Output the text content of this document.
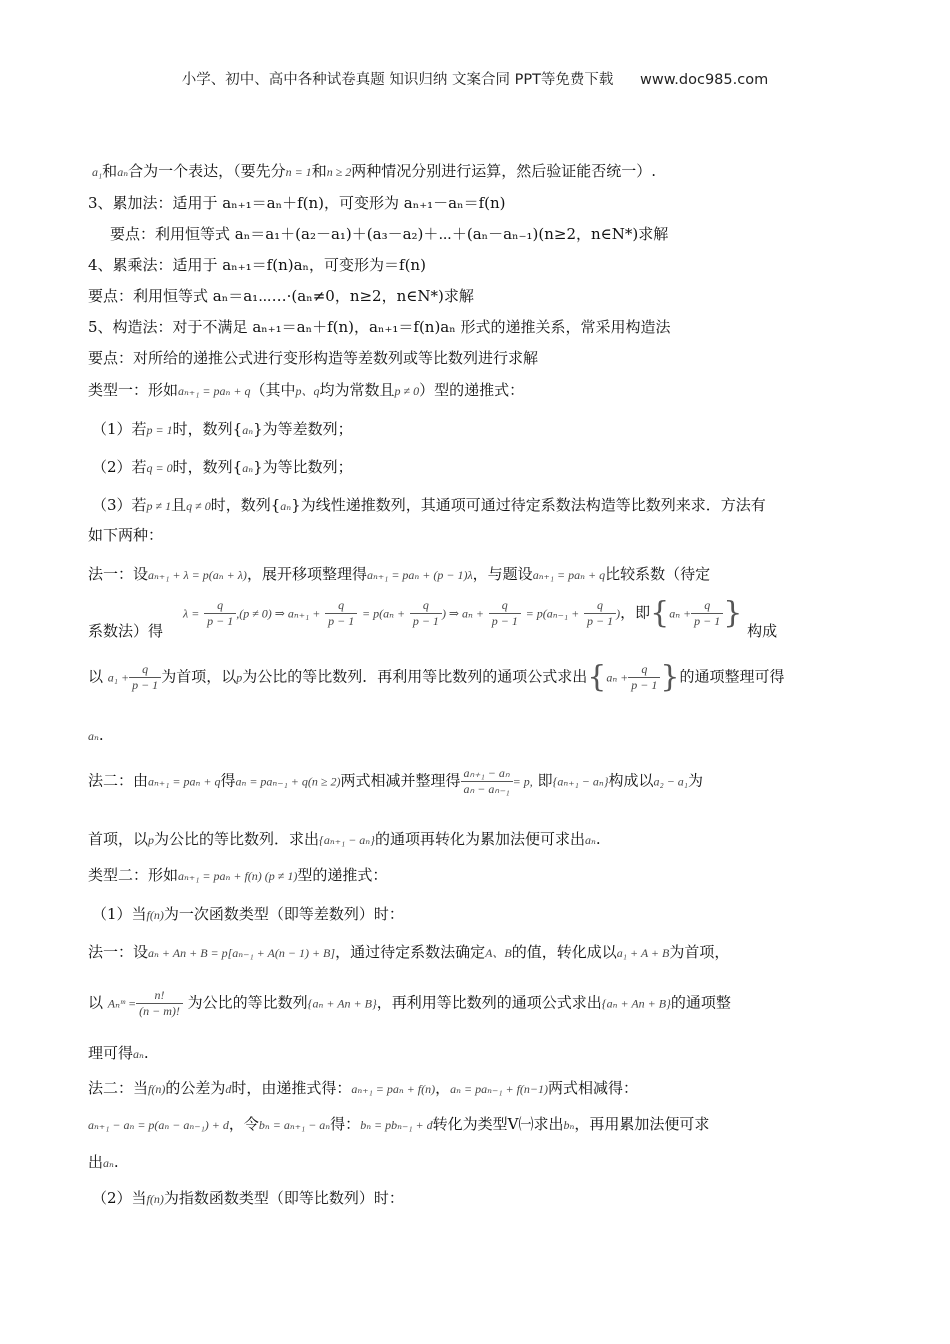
小学、初中、高中各种试卷真题 知识归纳 文案合同 PPT等免费下载 www.doc985.com
a₁和aₙ合为一个表达，（要先分n = 1和n ≥ 2两种情况分别进行运算，然后验证能否统一）.
3、累加法：适用于 aₙ₊₁＝aₙ＋f(n)，可变形为 aₙ₊₁－aₙ＝f(n)
要点：利用恒等式 aₙ＝a₁＋(a₂－a₁)＋(a₃－a₂)＋⋯＋(aₙ－aₙ₋₁)(n≥2，n∈N*)求解
4、累乘法：适用于 aₙ₊₁＝f(n)aₙ，可变形为＝f(n)
要点：利用恒等式 aₙ＝a₁⋯…·(aₙ≠0，n≥2，n∈N*)求解
5、构造法：对于不满足 aₙ₊₁＝aₙ＋f(n)，aₙ₊₁＝f(n)aₙ 形式的递推关系，常采用构造法
要点：对所给的递推公式进行变形构造等差数列或等比数列进行求解
类型一：形如aₙ₊₁ = paₙ + q（其中p、q均为常数且p ≠ 0）型的递推式：
（1）若p = 1时，数列{aₙ}为等差数列；
（2）若q = 0时，数列{aₙ}为等比数列；
（3）若p ≠ 1且q ≠ 0时，数列{aₙ}为线性递推数列，其通项可通过待定系数法构造等比数列来求．方法有
如下两种：
法一：设aₙ₊₁ + λ = p(aₙ + λ)，展开移项整理得aₙ₊₁ = paₙ + (p − 1)λ，与题设aₙ₊₁ = paₙ + q比较系数（待定
系数法）得$\lambda = \frac{q}{p - 1} ,(p \ne 0)$ ⇒ $a_{n+1} + \frac{q}{p - 1} = p(a_n + \frac{q}{p - 1}$ ) ⇒ $a_n + \frac{q}{p - 1} = p(a_{n-1} + \frac{q}{p - 1}$ )，即{$a_n + \frac{q}{p - 1}$ } 构成
以 $a_1 + \frac{q}{p - 1}$ 为首项，以p为公比的等比数列．再利用等比数列的通项公式求出{$a_n + \frac{q}{p - 1}$ }的通项整理可得
aₙ.
法二：由aₙ₊₁ = paₙ + q得aₙ = paₙ₋₁ + q(n ≥ 2)两式相减并整理得 $\frac{\text{aₙ₊₁ − aₙ}}{\text{aₙ − aₙ₋₁}} = p$, 即{aₙ₊₁ − aₙ}构成以a₂ − a₁为
首项，以p为公比的等比数列．求出{aₙ₊₁ − aₙ}的通项再转化为累加法便可求出aₙ.
类型二：形如aₙ₊₁ = paₙ + f(n) (p ≠ 1)型的递推式：
（1）当f(n)为一次函数类型（即等差数列）时：
法一：设aₙ + An + B = p[aₙ₋₁ + A(n − 1) + B]，通过待定系数法确定A、B的值，转化成以a₁ + A + B为首项，
以 Aₙᵐ = $\frac{n!}{(n - m)!}$ 为公比的等比数列{aₙ + An + B}，再利用等比数列的通项公式求出{aₙ + An + B}的通项整
理可得aₙ.
法二：当f(n)的公差为d时，由递推式得：aₙ₊₁ = paₙ + f(n)，aₙ = paₙ₋₁ + f(n−1)两式相减得：
aₙ₊₁ − aₙ = p(aₙ − aₙ₋₁) + d，令bₙ = aₙ₊₁ − aₙ得：bₙ = pbₙ₋₁ + d转化为类型Ⅴ㈠求出bₙ，再用累加法便可求
出aₙ.
（2）当f(n)为指数函数类型（即等比数列）时：
